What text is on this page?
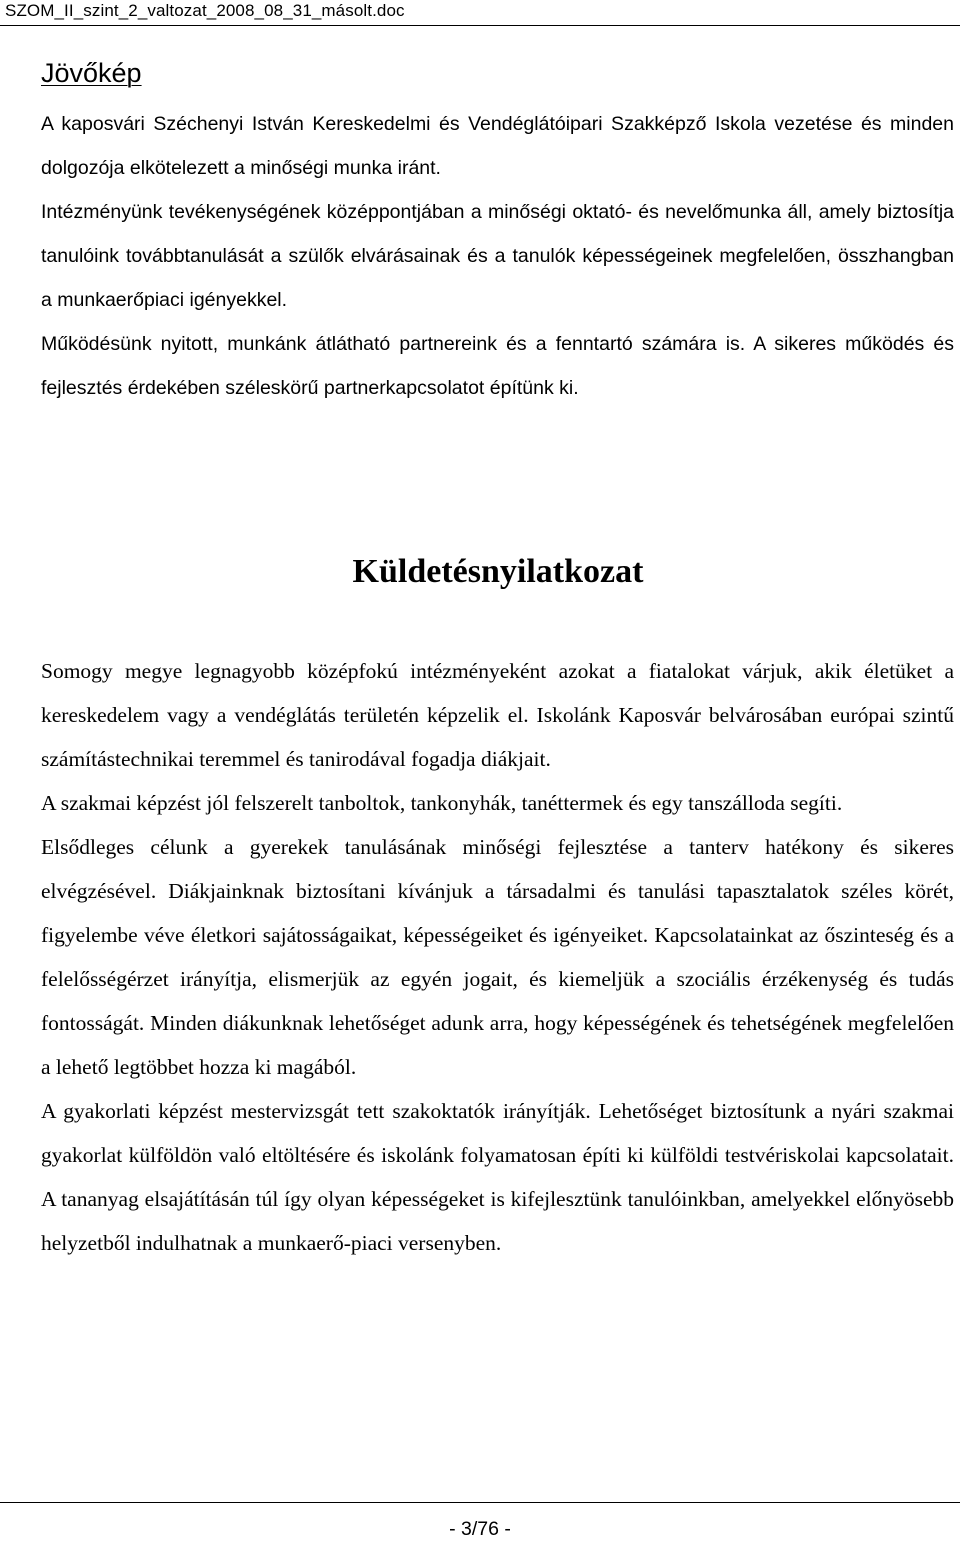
SZOM_II_szint_2_valtozat_2008_08_31_másolt.doc
Jövőkép

A kaposvári Széchenyi István Kereskedelmi és Vendéglátóipari Szakképző Iskola vezetése és minden dolgozója elkötelezett a minőségi munka iránt.

Intézményünk tevékenységének középpontjában a minőségi oktató- és nevelőmunka áll, amely biztosítja tanulóink továbbtanulását a szülők elvárásainak és a tanulók képességeinek megfelelően, összhangban a munkaerőpiaci igényekkel.

Működésünk nyitott, munkánk átlátható partnereink és a fenntartó számára is. A sikeres működés és fejlesztés érdekében széleskörű partnerkapcsolatot építünk ki.

Küldetésnyilatkozat

Somogy megye legnagyobb középfokú intézményeként azokat a fiatalokat várjuk, akik életüket a kereskedelem vagy a vendéglátás területén képzelik el. Iskolánk Kaposvár belvárosában európai szintű számítástechnikai teremmel és tanirodával fogadja diákjait.

A szakmai képzést jól felszerelt tanboltok, tankonyhák, tanéttermek és egy tanszálloda segíti.

Elsődleges célunk a gyerekek tanulásának minőségi fejlesztése a tanterv hatékony és sikeres elvégzésével. Diákjainknak biztosítani kívánjuk a társadalmi és tanulási tapasztalatok széles körét, figyelembe véve életkori sajátosságaikat, képességeiket és igényeiket. Kapcsolatainkat az őszinteség és a felelősségérzet irányítja, elismerjük az egyén jogait, és kiemeljük a szociális érzékenység és tudás fontosságát. Minden diákunknak lehetőséget adunk arra, hogy képességének és tehetségének megfelelően a lehető legtöbbet hozza ki magából.

A gyakorlati képzést mestervizsgát tett szakoktatók irányítják. Lehetőséget biztosítunk a nyári szakmai gyakorlat külföldön való eltöltésére és iskolánk folyamatosan építi ki külföldi testvériskolai kapcsolatait. A tananyag elsajátításán túl így olyan képességeket is kifejlesztünk tanulóinkban, amelyekkel előnyösebb helyzetből indulhatnak a munkaerő-piaci versenyben.

- 3/76 -
